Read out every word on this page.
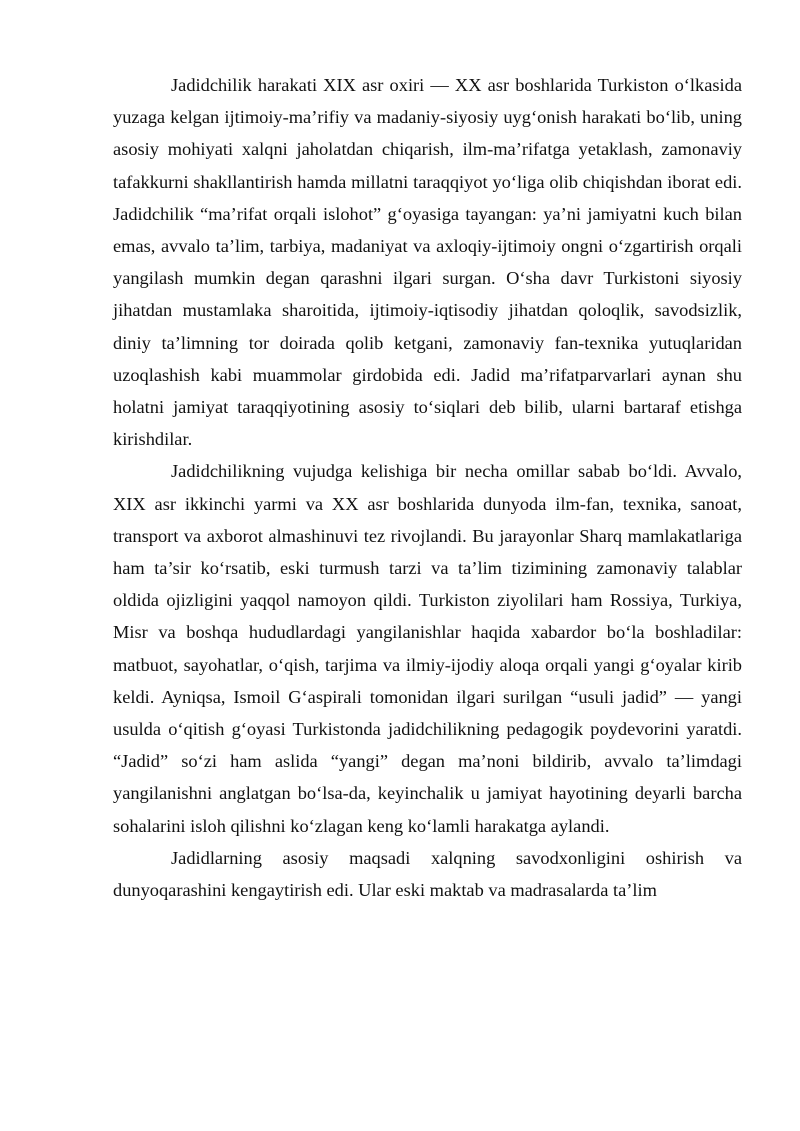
Jadidchilik harakati XIX asr oxiri — XX asr boshlarida Turkiston o‘lkasida yuzaga kelgan ijtimoiy-ma’rifiy va madaniy-siyosiy uyg‘onish harakati bo‘lib, uning asosiy mohiyati xalqni jaholatdan chiqarish, ilm-ma’rifatga yetaklash, zamonaviy tafakkurni shakllantirish hamda millatni taraqqiyot yo‘liga olib chiqishdan iborat edi. Jadidchilik “ma’rifat orqali islohot” g‘oyasiga tayangan: ya’ni jamiyatni kuch bilan emas, avvalo ta’lim, tarbiya, madaniyat va axloqiy-ijtimoiy ongni o‘zgartirish orqali yangilash mumkin degan qarashni ilgari surgan. O‘sha davr Turkistoni siyosiy jihatdan mustamlaka sharoitida, ijtimoiy-iqtisodiy jihatdan qoloqlik, savodsizlik, diniy ta’limning tor doirada qolib ketgani, zamonaviy fan-texnika yutuqlaridan uzoqlashish kabi muammolar girdobida edi. Jadid ma’rifatparvarlari aynan shu holatni jamiyat taraqqiyotining asosiy to‘siqlari deb bilib, ularni bartaraf etishga kirishdilar.

Jadidchilikning vujudga kelishiga bir necha omillar sabab bo‘ldi. Avvalo, XIX asr ikkinchi yarmi va XX asr boshlarida dunyoda ilm-fan, texnika, sanoat, transport va axborot almashinuvi tez rivojlandi. Bu jarayonlar Sharq mamlakatlariga ham ta’sir ko‘rsatib, eski turmush tarzi va ta’lim tizimining zamonaviy talablar oldida ojizligini yaqqol namoyon qildi. Turkiston ziyolilari ham Rossiya, Turkiya, Misr va boshqa hududlardagi yangilanishlar haqida xabardor bo‘la boshladilar: matbuot, sayohatlar, o‘qish, tarjima va ilmiy-ijodiy aloqa orqali yangi g‘oyalar kirib keldi. Ayniqsa, Ismoil G‘aspirali tomonidan ilgari surilgan “usuli jadid” — yangi usulda o‘qitish g‘oyasi Turkistonda jadidchilikning pedagogik poydevorini yaratdi. “Jadid” so‘zi ham aslida “yangi” degan ma’noni bildirib, avvalo ta’limdagi yangilanishni anglatgan bo‘lsa-da, keyinchalik u jamiyat hayotining deyarli barcha sohalarini isloh qilishni ko‘zlagan keng ko‘lamli harakatga aylandi.

Jadidlarning asosiy maqsadi xalqning savodxonligini oshirish va dunyoqarashini kengaytirish edi. Ular eski maktab va madrasalarda ta’lim
